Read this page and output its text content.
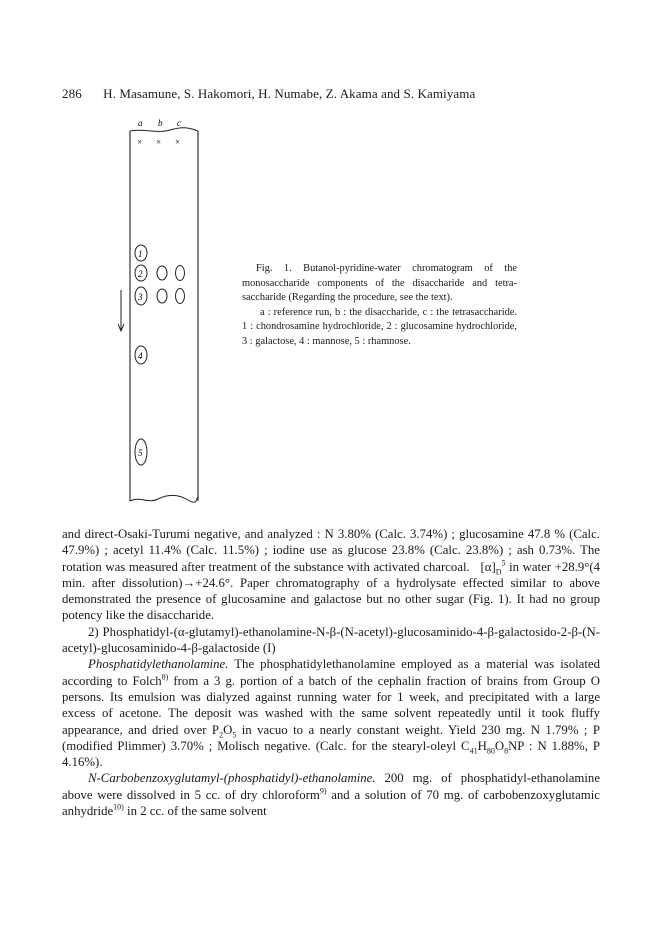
286 H. Masamune, S. Hakomori, H. Numabe, Z. Akama and S. Kamiyama
a b c
× × ×
1
2
3
4
5

Fig. 1. Butanol-pyridine-water chromatogram of the monosaccharide components of the disaccharide and tetra-saccharide (Regarding the procedure, see the text).

a : reference run, b : the disaccharide, c : the tetrasaccharide. 1 : chondrosamine hydrochloride, 2 : glucosamine hydrochloride, 3 : galactose, 4 : mannose, 5 : rhamnose.

and direct-Osaki-Turumi negative, and analyzed : N 3.80% (Calc. 3.74%) ; glucosamine 47.8 % (Calc. 47.9%) ; acetyl 11.4% (Calc. 11.5%) ; iodine use as glucose 23.8% (Calc. 23.8%) ; ash 0.73%. The rotation was measured after treatment of the substance with activated charcoal. $[\alpha]_D^5$ in water +28.9°(4 min. after dissolution)→+24.6°. Paper chromatography of a hydrolysate effected similar to above demonstrated the presence of glucosamine and galactose but no other sugar (Fig. 1). It had no group potency like the disaccharide.

2) Phosphatidyl-(α-glutamyl)-ethanolamine-N-β-(N-acetyl)-glucosaminido-4-β-galactosido-2-β-(N-acetyl)-glucosaminido-4-β-galactoside (I)

Phosphatidylethanolamine. The phosphatidylethanolamine employed as a material was isolated according to Folch$^{8)}$ from a 3 g. portion of a batch of the cephalin fraction of brains from Group O persons. Its emulsion was dialyzed against running water for 1 week, and precipitated with a large excess of acetone. The deposit was washed with the same solvent repeatedly until it took fluffy appearance, and dried over $P_2O_5$ in vacuo to a nearly constant weight. Yield 230 mg. N 1.79% ; P (modified Plimmer) 3.70% ; Molisch negative. (Calc. for the stearyl-oleyl $C_{41}H_{80}O_8NP$ : N 1.88%, P 4.16%).

N-Carbobenzoxyglutamyl-(phosphatidyl)-ethanolamine. 200 mg. of phosphatidyl-ethanolamine above were dissolved in 5 cc. of dry chloroform$^{9)}$ and a solution of 70 mg. of carbobenzoxyglutamic anhydride$^{10)}$ in 2 cc. of the same solvent
